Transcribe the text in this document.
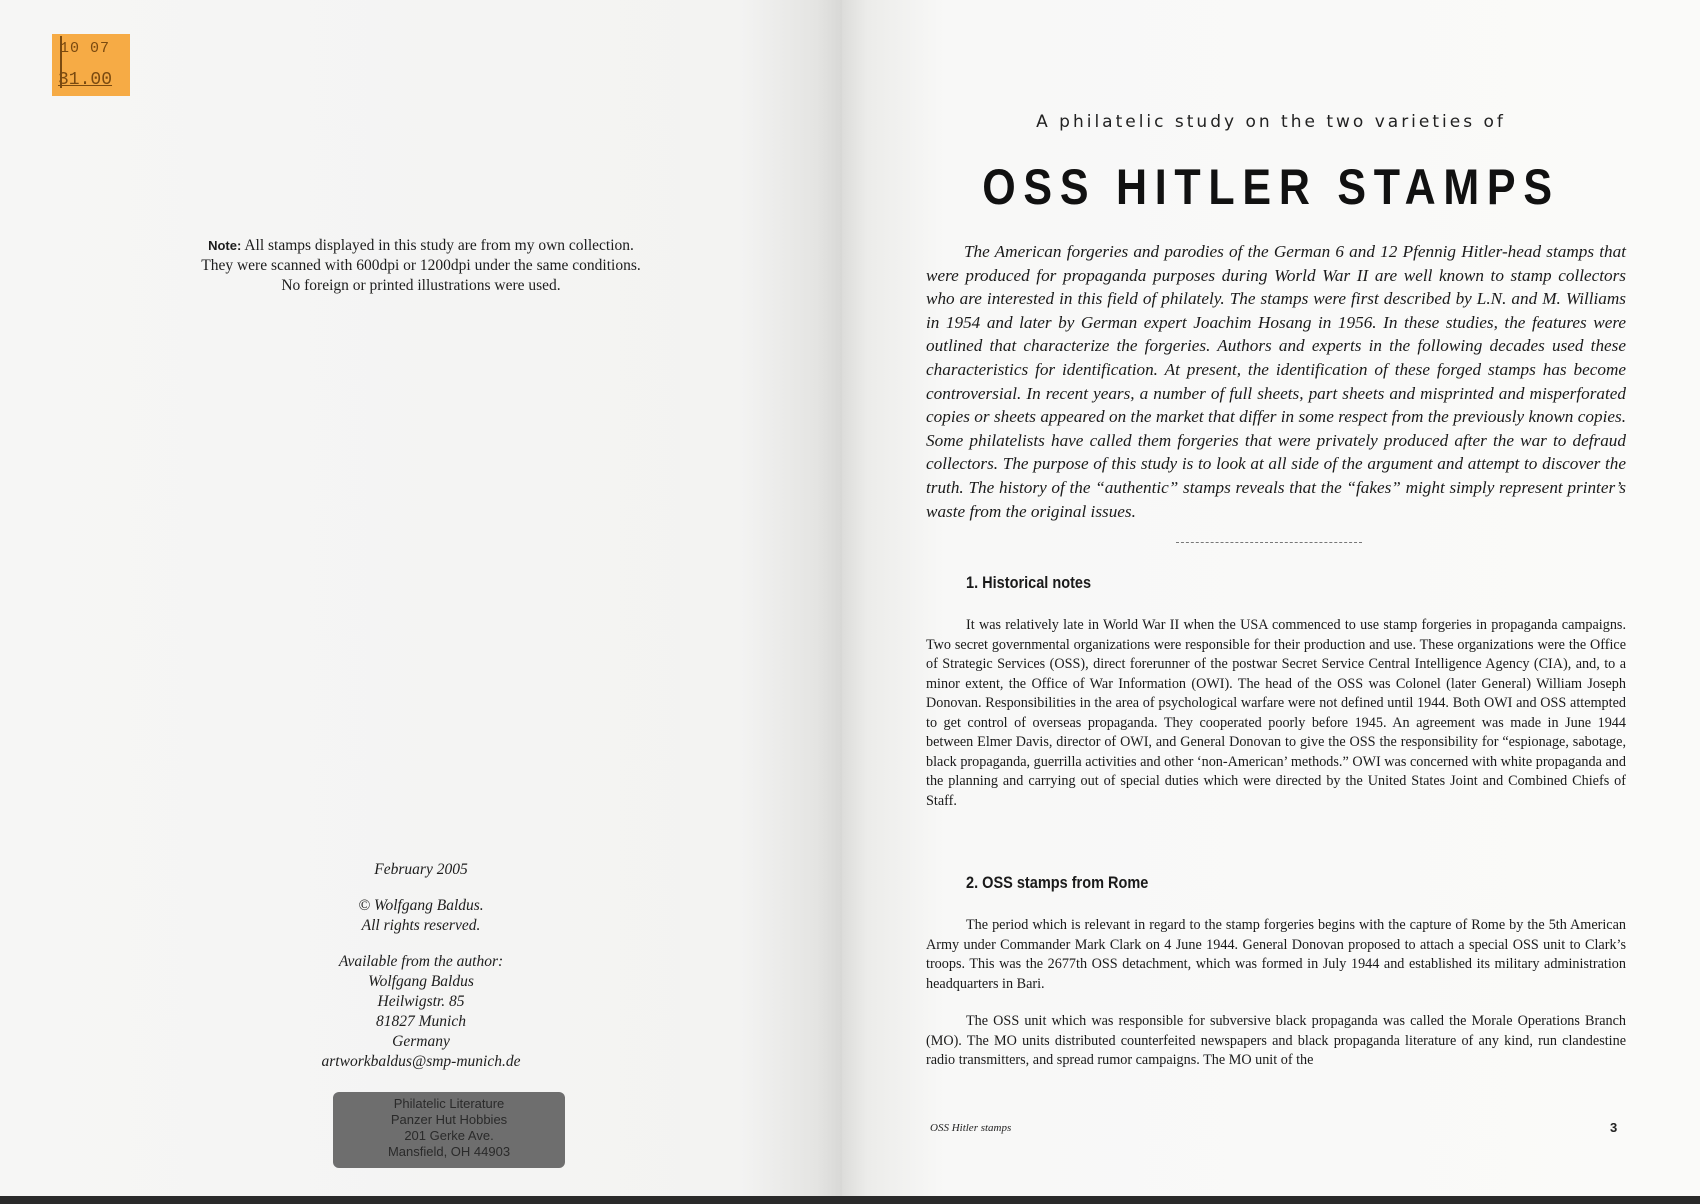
10 07
31.00
Note: All stamps displayed in this study are from my own collection.
They were scanned with 600dpi or 1200dpi under the same conditions.
No foreign or printed illustrations were used.
February 2005
© Wolfgang Baldus.
All rights reserved.
Available from the author:
Wolfgang Baldus
Heilwigstr. 85
81827 Munich
Germany
artworkbaldus@smp-munich.de
Philatelic Literature
Panzer Hut Hobbies
201 Gerke Ave.
Mansfield, OH 44903
A philatelic study on the two varieties of
OSS HITLER STAMPS
The American forgeries and parodies of the German 6 and 12 Pfennig Hitler-head stamps that were produced for propaganda purposes during World War II are well known to stamp collectors who are interested in this field of philately. The stamps were first described by L.N. and M. Williams in 1954 and later by German expert Joachim Hosang in 1956. In these studies, the features were outlined that characterize the forgeries. Authors and experts in the following decades used these characteristics for identification. At present, the identification of these forged stamps has become controversial. In recent years, a number of full sheets, part sheets and misprinted and misperforated copies or sheets appeared on the market that differ in some respect from the previously known copies. Some philatelists have called them forgeries that were privately produced after the war to defraud collectors. The purpose of this study is to look at all side of the argument and attempt to discover the truth. The history of the “authentic” stamps reveals that the “fakes” might simply represent printer’s waste from the original issues.
1. Historical notes

It was relatively late in World War II when the USA commenced to use stamp forgeries in propaganda campaigns. Two secret governmental organizations were responsible for their production and use. These organizations were the Office of Strategic Services (OSS), direct forerunner of the postwar Secret Service Central Intelligence Agency (CIA), and, to a minor extent, the Office of War Information (OWI). The head of the OSS was Colonel (later General) William Joseph Donovan. Responsibilities in the area of psychological warfare were not defined until 1944. Both OWI and OSS attempted to get control of overseas propaganda. They cooperated poorly before 1945. An agreement was made in June 1944 between Elmer Davis, director of OWI, and General Donovan to give the OSS the responsibility for “espionage, sabotage, black propaganda, guerrilla activities and other ‘non-American’ methods.” OWI was concerned with white propaganda and the planning and carrying out of special duties which were directed by the United States Joint and Combined Chiefs of Staff.

2. OSS stamps from Rome

The period which is relevant in regard to the stamp forgeries begins with the capture of Rome by the 5th American Army under Commander Mark Clark on 4 June 1944. General Donovan proposed to attach a special OSS unit to Clark’s troops. This was the 2677th OSS detachment, which was formed in July 1944 and established its military administration headquarters in Bari.

The OSS unit which was responsible for subversive black propaganda was called the Morale Operations Branch (MO). The MO units distributed counterfeited newspapers and black propaganda literature of any kind, run clandestine radio transmitters, and spread rumor campaigns. The MO unit of the

OSS Hitler stamps	3
